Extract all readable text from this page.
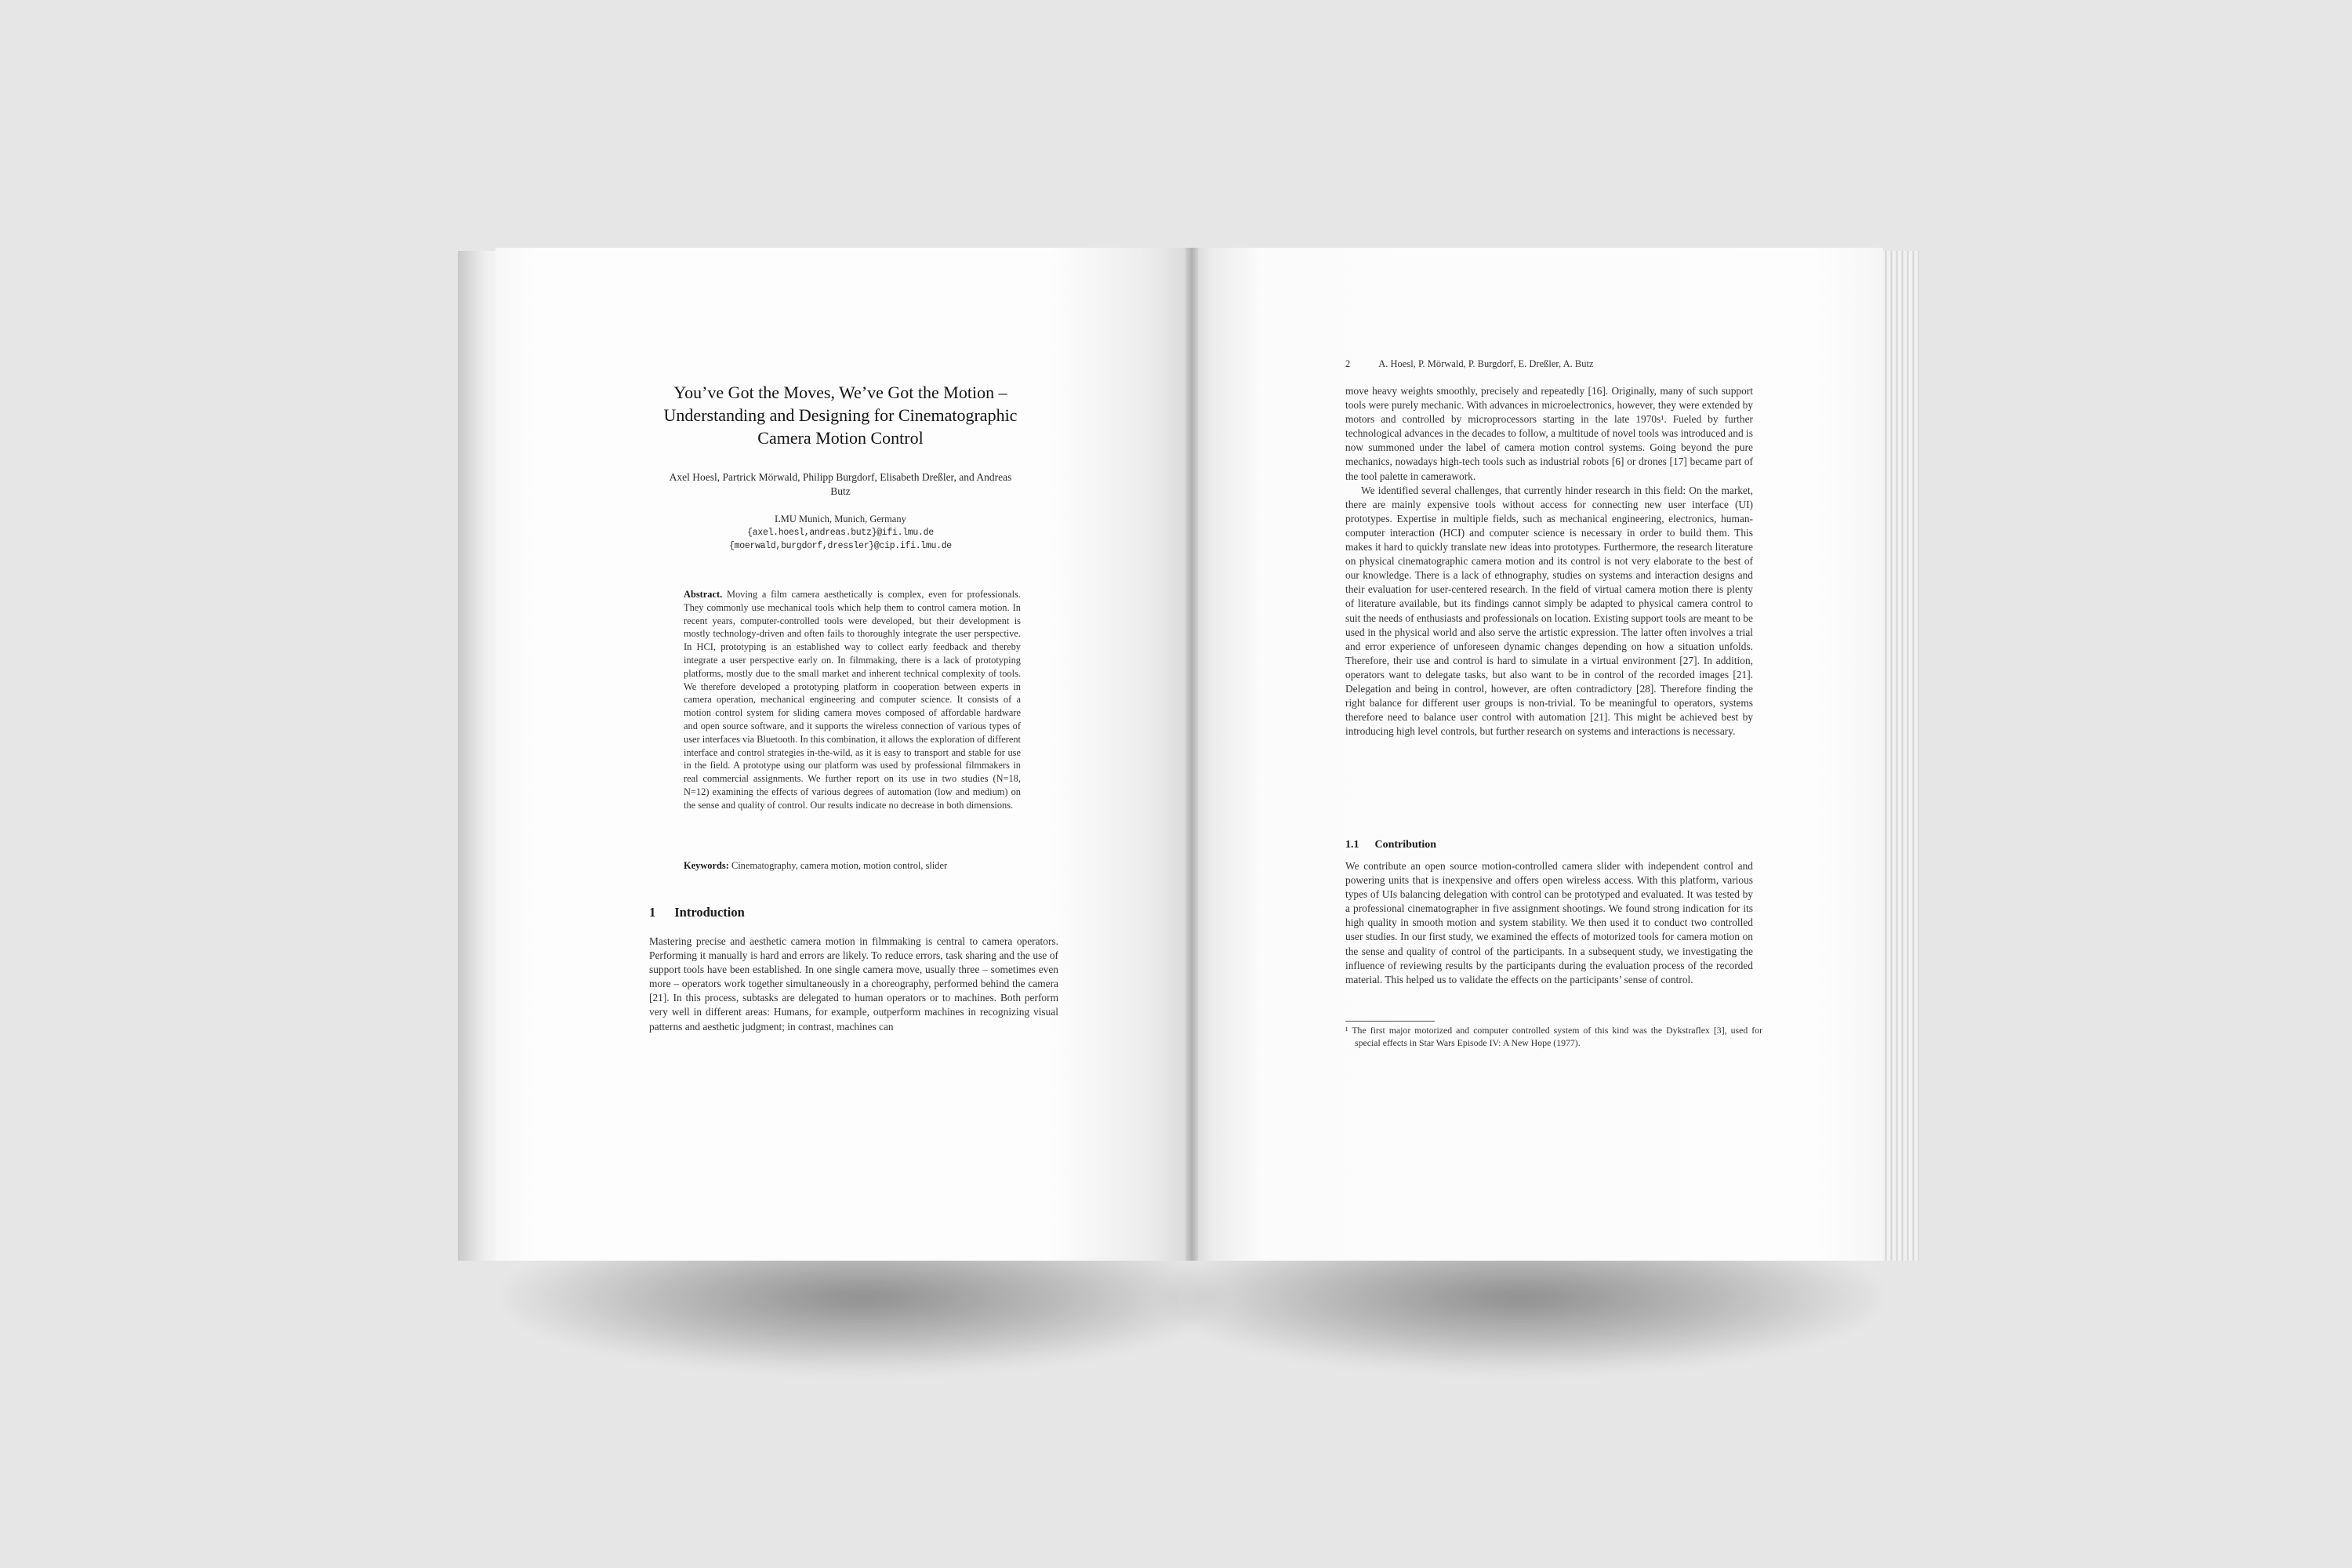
You’ve Got the Moves, We’ve Got the Motion – Understanding and Designing for Cinematographic Camera Motion Control
Axel Hoesl, Partrick Mörwald, Philipp Burgdorf, Elisabeth Dreßler, and Andreas Butz
LMU Munich, Munich, Germany
{axel.hoesl,andreas.butz}@ifi.lmu.de
{moerwald,burgdorf,dressler}@cip.ifi.lmu.de
Abstract. Moving a film camera aesthetically is complex, even for professionals. They commonly use mechanical tools which help them to control camera motion. In recent years, computer-controlled tools were developed, but their development is mostly technology-driven and often fails to thoroughly integrate the user perspective. In HCI, prototyping is an established way to collect early feedback and thereby integrate a user perspective early on. In filmmaking, there is a lack of prototyping platforms, mostly due to the small market and inherent technical complexity of tools. We therefore developed a prototyping platform in cooperation between experts in camera operation, mechanical engineering and computer science. It consists of a motion control system for sliding camera moves composed of affordable hardware and open source software, and it supports the wireless connection of various types of user interfaces via Bluetooth. In this combination, it allows the exploration of different interface and control strategies in-the-wild, as it is easy to transport and stable for use in the field. A prototype using our platform was used by professional filmmakers in real commercial assignments. We further report on its use in two studies (N=18, N=12) examining the effects of various degrees of automation (low and medium) on the sense and quality of control. Our results indicate no decrease in both dimensions.
Keywords: Cinematography, camera motion, motion control, slider
1 Introduction
Mastering precise and aesthetic camera motion in filmmaking is central to camera operators. Performing it manually is hard and errors are likely. To reduce errors, task sharing and the use of support tools have been established. In one single camera move, usually three – sometimes even more – operators work together simultaneously in a choreography, performed behind the camera [21]. In this process, subtasks are delegated to human operators or to machines. Both perform very well in different areas: Humans, for example, outperform machines in recognizing visual patterns and aesthetic judgment; in contrast, machines can
2	A. Hoesl, P. Mörwald, P. Burgdorf, E. Dreßler, A. Butz

move heavy weights smoothly, precisely and repeatedly [16]. Originally, many of such support tools were purely mechanic. With advances in microelectronics, however, they were extended by motors and controlled by microprocessors starting in the late 1970s¹. Fueled by further technological advances in the decades to follow, a multitude of novel tools was introduced and is now summoned under the label of camera motion control systems. Going beyond the pure mechanics, nowadays high-tech tools such as industrial robots [6] or drones [17] became part of the tool palette in camerawork.

We identified several challenges, that currently hinder research in this field: On the market, there are mainly expensive tools without access for connecting new user interface (UI) prototypes. Expertise in multiple fields, such as mechanical engineering, electronics, human-computer interaction (HCI) and computer science is necessary in order to build them. This makes it hard to quickly translate new ideas into prototypes. Furthermore, the research literature on physical cinematographic camera motion and its control is not very elaborate to the best of our knowledge. There is a lack of ethnography, studies on systems and interaction designs and their evaluation for user-centered research. In the field of virtual camera motion there is plenty of literature available, but its findings cannot simply be adapted to physical camera control to suit the needs of enthusiasts and professionals on location. Existing support tools are meant to be used in the physical world and also serve the artistic expression. The latter often involves a trial and error experience of unforeseen dynamic changes depending on how a situation unfolds. Therefore, their use and control is hard to simulate in a virtual environment [27]. In addition, operators want to delegate tasks, but also want to be in control of the recorded images [21]. Delegation and being in control, however, are often contradictory [28]. Therefore finding the right balance for different user groups is non-trivial. To be meaningful to operators, systems therefore need to balance user control with automation [21]. This might be achieved best by introducing high level controls, but further research on systems and interactions is necessary.

1.1 Contribution

We contribute an open source motion-controlled camera slider with independent control and powering units that is inexpensive and offers open wireless access. With this platform, various types of UIs balancing delegation with control can be prototyped and evaluated. It was tested by a professional cinematographer in five assignment shootings. We found strong indication for its high quality in smooth motion and system stability. We then used it to conduct two controlled user studies. In our first study, we examined the effects of motorized tools for camera motion on the sense and quality of control of the participants. In a subsequent study, we investigating the influence of reviewing results by the participants during the evaluation process of the recorded material. This helped us to validate the effects on the participants’ sense of control.

¹ The first major motorized and computer controlled system of this kind was the Dykstraflex [3], used for special effects in Star Wars Episode IV: A New Hope (1977).
